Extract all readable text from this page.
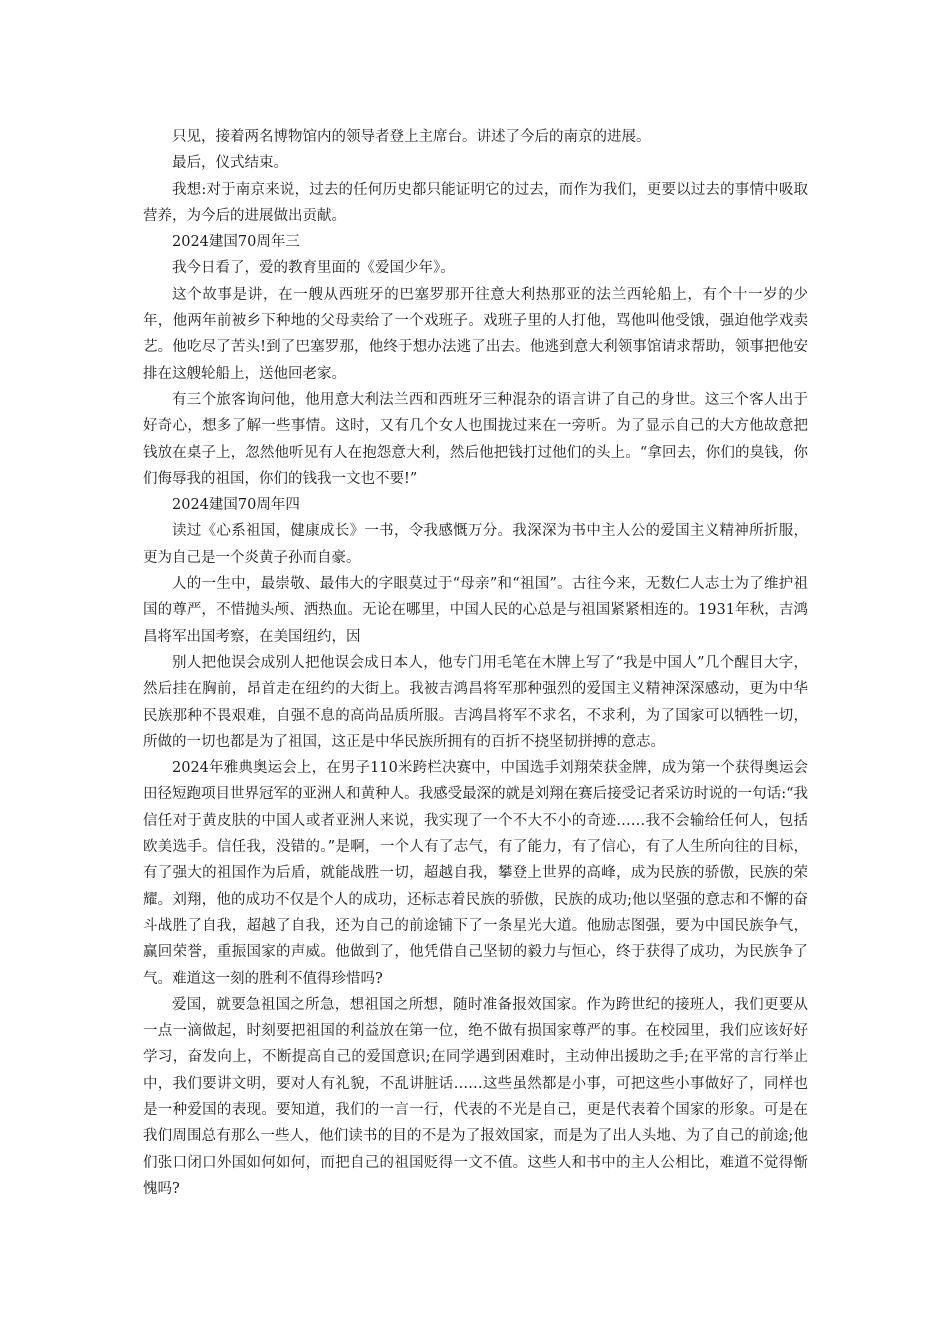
只见，接着两名博物馆内的领导者登上主席台。讲述了今后的南京的进展。

最后，仪式结束。

我想:对于南京来说，过去的任何历史都只能证明它的过去，而作为我们，更要以过去的事情中吸取营养，为今后的进展做出贡献。

2024建国70周年三

我今日看了，爱的教育里面的《爱国少年》。

这个故事是讲，在一艘从西班牙的巴塞罗那开往意大利热那亚的法兰西轮船上，有个十一岁的少年，他两年前被乡下种地的父母卖给了一个戏班子。戏班子里的人打他，骂他叫他受饿，强迫他学戏卖艺。他吃尽了苦头!到了巴塞罗那，他终于想办法逃了出去。他逃到意大利领事馆请求帮助，领事把他安排在这艘轮船上，送他回老家。

有三个旅客询问他，他用意大利法兰西和西班牙三种混杂的语言讲了自己的身世。这三个客人出于好奇心，想多了解一些事情。这时，又有几个女人也围拢过来在一旁听。为了显示自己的大方他故意把钱放在桌子上，忽然他听见有人在抱怨意大利，然后他把钱打过他们的头上。“拿回去，你们的臭钱，你们侮辱我的祖国，你们的钱我一文也不要!”

2024建国70周年四

读过《心系祖国，健康成长》一书，令我感慨万分。我深深为书中主人公的爱国主义精神所折服，更为自己是一个炎黄子孙而自豪。

人的一生中，最崇敬、最伟大的字眼莫过于“母亲”和“祖国”。古往今来，无数仁人志士为了维护祖国的尊严，不惜抛头颅、洒热血。无论在哪里，中国人民的心总是与祖国紧紧相连的。1931年秋，吉鸿昌将军出国考察，在美国纽约，因

别人把他误会成别人把他误会成日本人，他专门用毛笔在木牌上写了“我是中国人”几个醒目大字，然后挂在胸前，昂首走在纽约的大街上。我被吉鸿昌将军那种强烈的爱国主义精神深深感动，更为中华民族那种不畏艰难，自强不息的高尚品质所服。吉鸿昌将军不求名，不求利，为了国家可以牺牲一切，所做的一切也都是为了祖国，这正是中华民族所拥有的百折不挠坚韧拼搏的意志。

2024年雅典奥运会上，在男子110米跨栏决赛中，中国选手刘翔荣获金牌，成为第一个获得奥运会田径短跑项目世界冠军的亚洲人和黄种人。我感受最深的就是刘翔在赛后接受记者采访时说的一句话:“我信任对于黄皮肤的中国人或者亚洲人来说，我实现了一个不大不小的奇迹……我不会输给任何人，包括欧美选手。信任我，没错的。”是啊，一个人有了志气，有了能力，有了信心，有了人生所向往的目标，有了强大的祖国作为后盾，就能战胜一切，超越自我，攀登上世界的高峰，成为民族的骄傲，民族的荣耀。刘翔，他的成功不仅是个人的成功，还标志着民族的骄傲，民族的成功;他以坚强的意志和不懈的奋斗战胜了自我，超越了自我，还为自己的前途铺下了一条星光大道。他励志图强，要为中国民族争气，赢回荣誉，重振国家的声威。他做到了，他凭借自己坚韧的毅力与恒心，终于获得了成功，为民族争了气。难道这一刻的胜利不值得珍惜吗?

爱国，就要急祖国之所急，想祖国之所想，随时准备报效国家。作为跨世纪的接班人，我们更要从一点一滴做起，时刻要把祖国的利益放在第一位，绝不做有损国家尊严的事。在校园里，我们应该好好学习，奋发向上，不断提高自己的爱国意识;在同学遇到困难时，主动伸出援助之手;在平常的言行举止中，我们要讲文明，要对人有礼貌，不乱讲脏话……这些虽然都是小事，可把这些小事做好了，同样也是一种爱国的表现。要知道，我们的一言一行，代表的不光是自己，更是代表着个国家的形象。可是在我们周围总有那么一些人，他们读书的目的不是为了报效国家，而是为了出人头地、为了自己的前途;他们张口闭口外国如何如何，而把自己的祖国贬得一文不值。这些人和书中的主人公相比，难道不觉得惭愧吗?
